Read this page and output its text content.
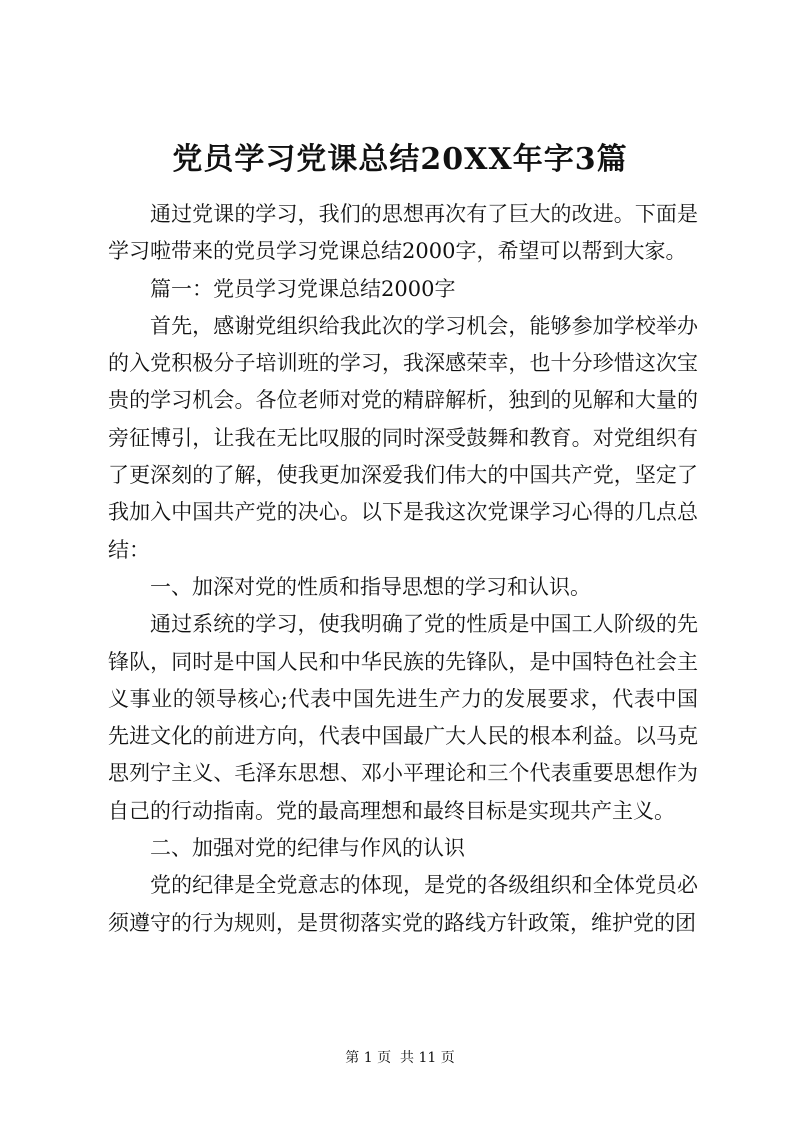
党员学习党课总结20XX年字3篇

通过党课的学习，我们的思想再次有了巨大的改进。下面是学习啦带来的党员学习党课总结2000字，希望可以帮到大家。

篇一：党员学习党课总结2000字

首先，感谢党组织给我此次的学习机会，能够参加学校举办的入党积极分子培训班的学习，我深感荣幸，也十分珍惜这次宝贵的学习机会。各位老师对党的精辟解析，独到的见解和大量的旁征博引，让我在无比叹服的同时深受鼓舞和教育。对党组织有了更深刻的了解，使我更加深爱我们伟大的中国共产党，坚定了我加入中国共产党的决心。以下是我这次党课学习心得的几点总结：

一、加深对党的性质和指导思想的学习和认识。

通过系统的学习，使我明确了党的性质是中国工人阶级的先锋队，同时是中国人民和中华民族的先锋队，是中国特色社会主义事业的领导核心;代表中国先进生产力的发展要求，代表中国先进文化的前进方向，代表中国最广大人民的根本利益。以马克思列宁主义、毛泽东思想、邓小平理论和三个代表重要思想作为自己的行动指南。党的最高理想和最终目标是实现共产主义。

二、加强对党的纪律与作风的认识

党的纪律是全党意志的体现，是党的各级组织和全体党员必须遵守的行为规则，是贯彻落实党的路线方针政策，维护党的团

第 1 页  共 11 页
